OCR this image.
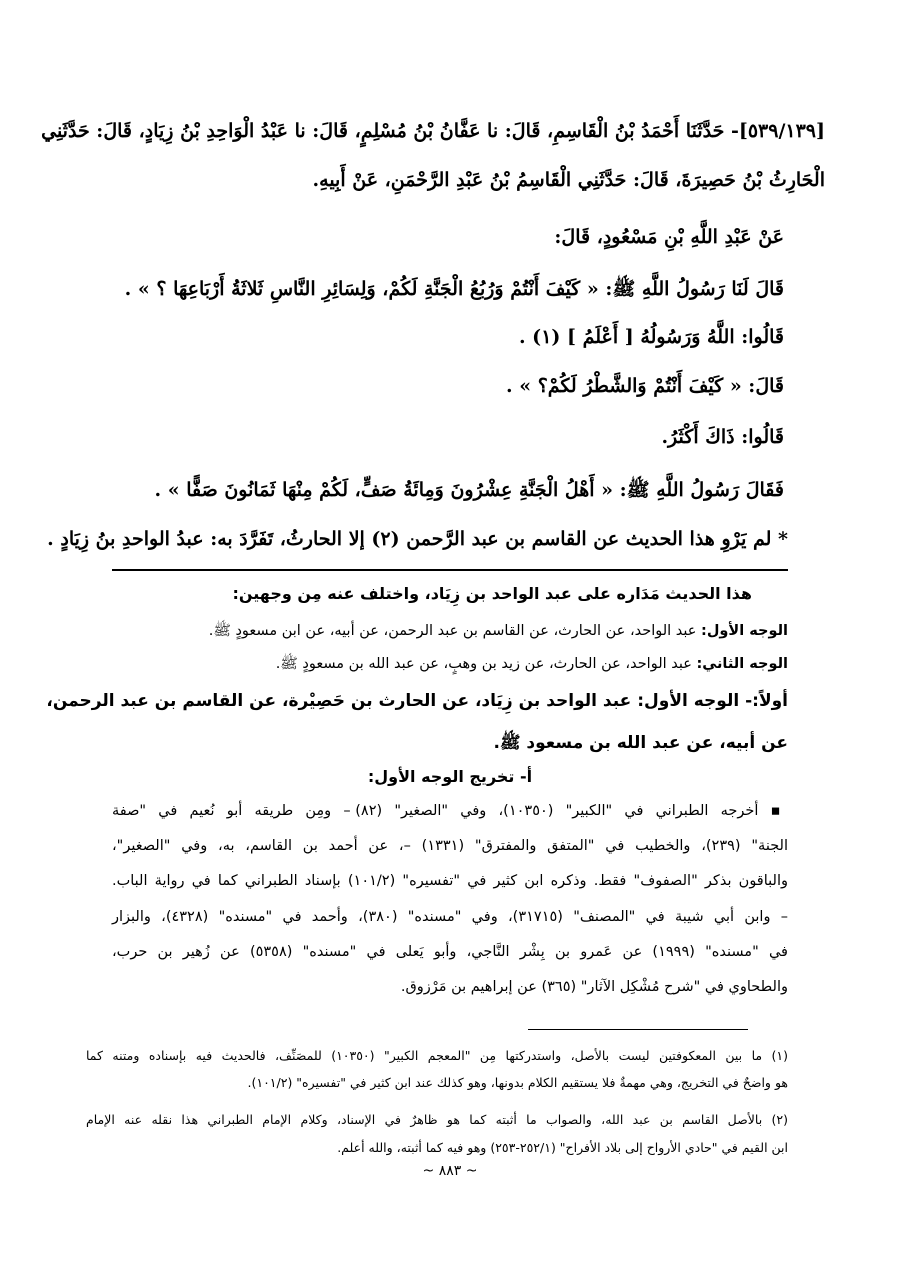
[٥٣٩/١٣٩]- حَدَّثَنَا أَحْمَدُ بْنُ الْقَاسِمِ، قَالَ: نا عَفَّانُ بْنُ مُسْلِمٍ، قَالَ: نا عَبْدُ الْوَاحِدِ بْنُ زِيَادٍ، قَالَ: حَدَّثَنِي
الْحَارِثُ بْنُ حَصِيرَةَ، قَالَ: حَدَّثَنِي الْقَاسِمُ بْنُ عَبْدِ الرَّحْمَنِ، عَنْ أَبِيهِ.
عَنْ عَبْدِ اللَّهِ بْنِ مَسْعُودٍ، قَالَ:
قَالَ لَنَا رَسُولُ اللَّهِ ﷺ: « كَيْفَ أَنْتُمْ وَرُبُعُ الْجَنَّةِ لَكُمْ، وَلِسَائِرِ النَّاسِ ثَلاثَةُ أَرْبَاعِهَا ؟ » .
قَالُوا: اللَّهُ وَرَسُولُهُ [ أَعْلَمُ ] (١) .
قَالَ: « كَيْفَ أَنْتُمْ وَالشَّطْرُ لَكُمْ؟ » .
قَالُوا: ذَاكَ أَكْثَرُ.
فَقَالَ رَسُولُ اللَّهِ ﷺ: « أَهْلُ الْجَنَّةِ عِشْرُونَ وَمِائَةُ صَفٍّ، لَكُمْ مِنْهَا ثَمَانُونَ صَفًّا » .
* لم يَرْوِ هذا الحديث عن القاسم بن عبد الرَّحمن (٢) إلا الحارثُ، تَفَرَّدَ به: عبدُ الواحدِ بنُ زِيَادٍ .
هذا الحديث مَدَاره على عبد الواحد بن زِيَاد، واختلف عنه مِن وجهين:
الوجه الأول: عبد الواحد، عن الحارث، عن القاسم بن عبد الرحمن، عن أبيه، عن ابن مسعودٍ ﷺ.
الوجه الثاني: عبد الواحد، عن الحارث، عن زيد بن وهبٍ، عن عبد الله بن مسعودٍ ﷺ.
أولاً:- الوجه الأول: عبد الواحد بن زِيَاد، عن الحارث بن حَصِيْرة، عن القاسم بن عبد الرحمن،
عن أبيه، عن عبد الله بن مسعود ﷺ.
أ- تخريج الوجه الأول:
▪ أخرجه الطبراني في "الكبير" (١٠٣٥٠)، وفي "الصغير" (٨٢) – ومِن طريقه أبو نُعيم في "صفة
الجنة" (٢٣٩)، والخطيب في "المتفق والمفترق" (١٣٣١) –، عن أحمد بن القاسم، به، وفي "الصغير"،
والباقون بذكر "الصفوف" فقط. وذكره ابن كثير في "تفسيره" (١٠١/٢) بإسناد الطبراني كما في رواية الباب.
– وابن أبي شيبة في "المصنف" (٣١٧١٥)، وفي "مسنده" (٣٨٠)، وأحمد في "مسنده" (٤٣٢٨)، والبزار
في "مسنده" (١٩٩٩) عن عَمرو بن بِشْر النَّاجي، وأبو يَعلى في "مسنده" (٥٣٥٨) عن زُهير بن حرب،
والطحاوي في "شرح مُشْكِل الآثار" (٣٦٥) عن إبراهيم بن مَرْزوق.
(١) ما بين المعكوفتين ليست بالأصل، واستدركتها مِن "المعجم الكبير" (١٠٣٥٠) للمصَنِّف، فالحديث فيه بإسناده ومتنه كما
هو واضحٌ في التخريج، وهي مهمةٌ فلا يستقيم الكلام بدونها، وهو كذلك عند ابن كثير في "تفسيره" (١٠١/٢).
(٢) بالأصل القاسم بن عبد الله، والصواب ما أثبته كما هو ظاهرٌ في الإسناد، وكلام الإمام الطبراني هذا نقله عنه الإمام
ابن القيم في "حادي الأرواح إلى بلاد الأفراح" (٢٥٢/١-٢٥٣) وهو فيه كما أثبته، والله أعلم.
~ ٨٨٣ ~
